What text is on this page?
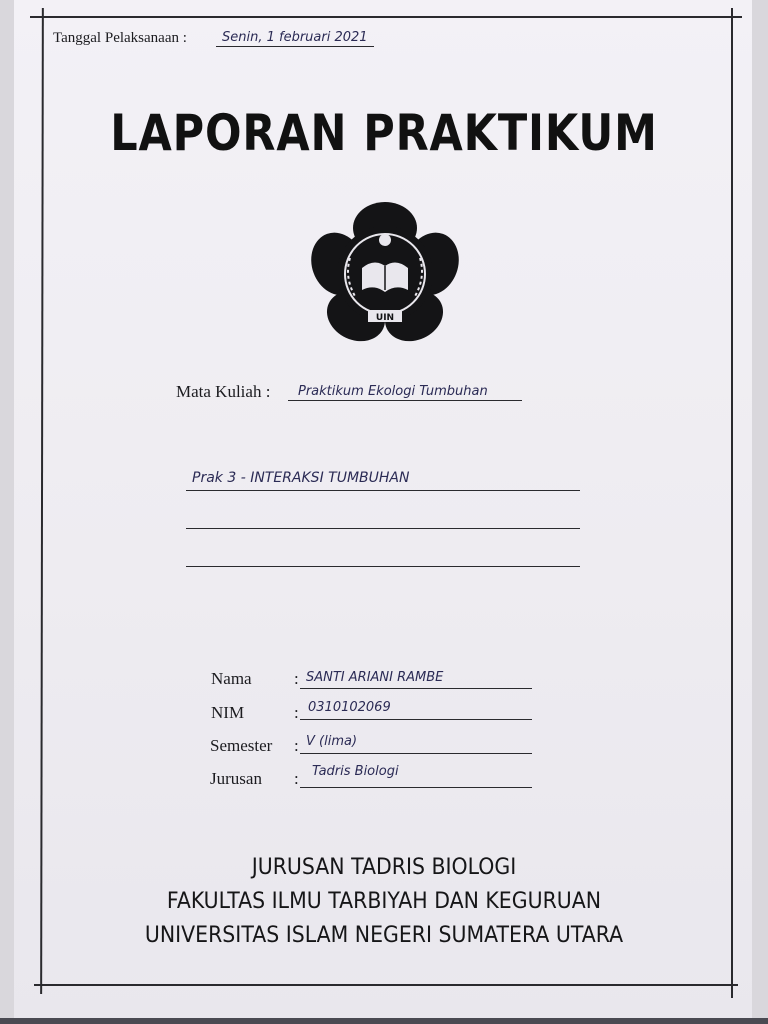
Tanggal Pelaksanaan :	Senin, 1 februari 2021
LAPORAN PRAKTIKUM
UIN
Mata Kuliah : Praktikum Ekologi Tumbuhan
Prak 3 - INTERAKSI TUMBUHAN
Nama : SANTI ARIANI RAMBE
NIM	: 0310102069
Semester : V (lima)
Jurusan : Tadris Biologi
JURUSAN TADRIS BIOLOGI
FAKULTAS ILMU TARBIYAH DAN KEGURUAN
UNIVERSITAS ISLAM NEGERI SUMATERA UTARA
